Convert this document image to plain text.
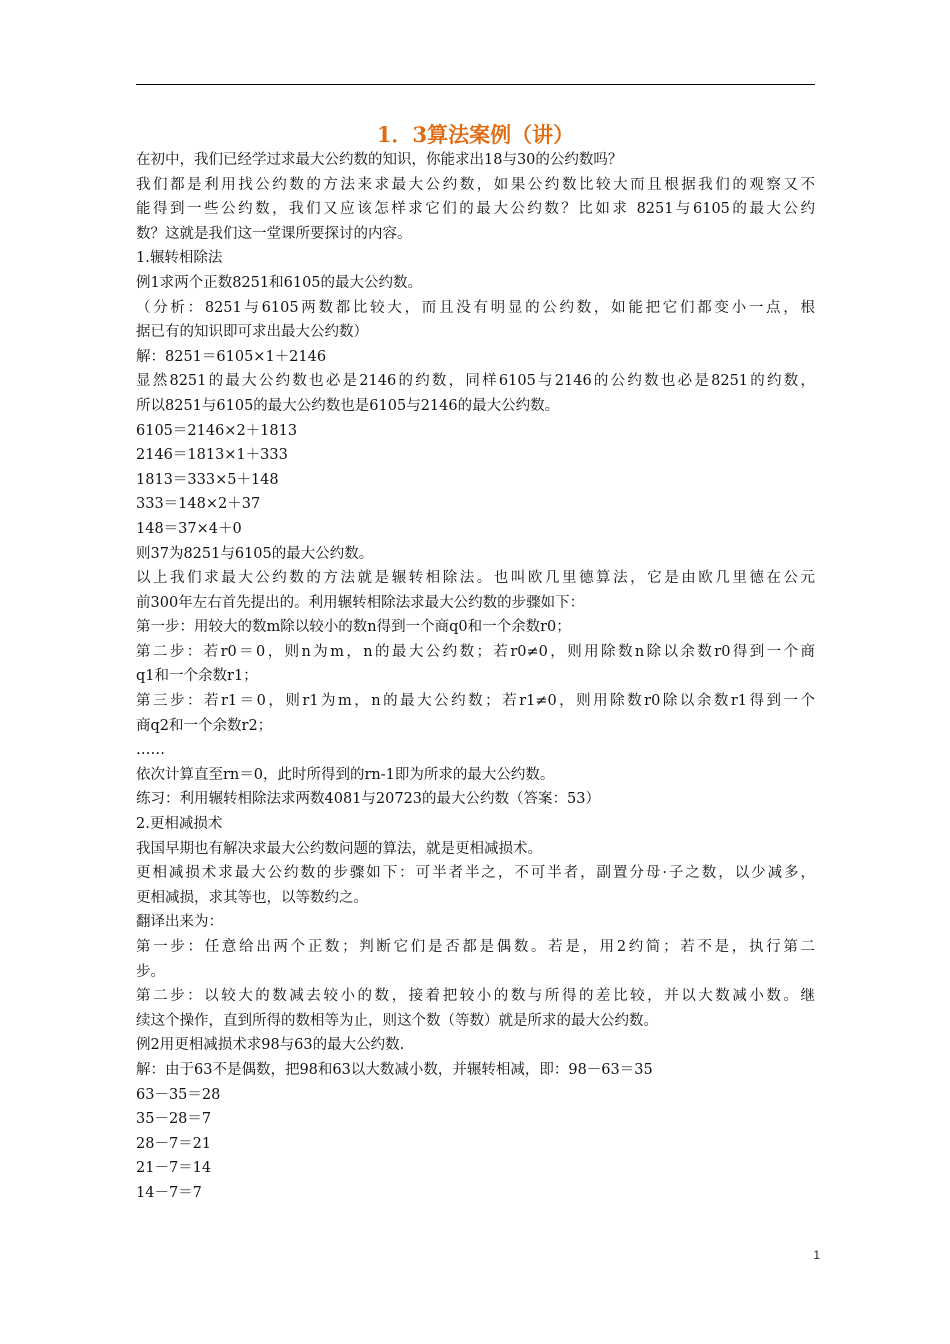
1．3算法案例（讲）
在初中，我们已经学过求最大公约数的知识，你能求出18与30的公约数吗？
我们都是利用找公约数的方法来求最大公约数，如果公约数比较大而且根据我们的观察又不
能得到一些公约数，我们又应该怎样求它们的最大公约数？比如求 8251与6105的最大公约
数？这就是我们这一堂课所要探讨的内容。
1.辗转相除法
例1求两个正数8251和6105的最大公约数。
（分析：8251与6105两数都比较大，而且没有明显的公约数，如能把它们都变小一点，根
据已有的知识即可求出最大公约数）
解：8251＝6105×1＋2146
显然8251的最大公约数也必是2146的约数，同样6105与2146的公约数也必是8251的约数，
所以8251与6105的最大公约数也是6105与2146的最大公约数。
6105＝2146×2＋1813
2146＝1813×1＋333
1813＝333×5＋148
333＝148×2＋37
148＝37×4＋0
则37为8251与6105的最大公约数。
以上我们求最大公约数的方法就是辗转相除法。也叫欧几里德算法，它是由欧几里德在公元
前300年左右首先提出的。利用辗转相除法求最大公约数的步骤如下：
第一步：用较大的数m除以较小的数n得到一个商q0和一个余数r0；
第二步：若r0＝0，则n为m，n的最大公约数；若r0≠0，则用除数n除以余数r0得到一个商
q1和一个余数r1；
第三步：若r1＝0，则r1为m，n的最大公约数；若r1≠0，则用除数r0除以余数r1得到一个
商q2和一个余数r2；
……
依次计算直至rn＝0，此时所得到的rn-1即为所求的最大公约数。
练习：利用辗转相除法求两数4081与20723的最大公约数（答案：53）
2.更相减损术
我国早期也有解决求最大公约数问题的算法，就是更相减损术。
更相减损术求最大公约数的步骤如下：可半者半之，不可半者，副置分母·子之数，以少减多，
更相减损，求其等也，以等数约之。
翻译出来为：
第一步：任意给出两个正数；判断它们是否都是偶数。若是，用2约简；若不是，执行第二
步。
第二步：以较大的数减去较小的数，接着把较小的数与所得的差比较，并以大数减小数。继
续这个操作，直到所得的数相等为止，则这个数（等数）就是所求的最大公约数。
例2用更相减损术求98与63的最大公约数.
解：由于63不是偶数，把98和63以大数减小数，并辗转相减，即：98－63＝35
63－35＝28
35－28＝7
28－7＝21
21－7＝14
14－7＝7
1
